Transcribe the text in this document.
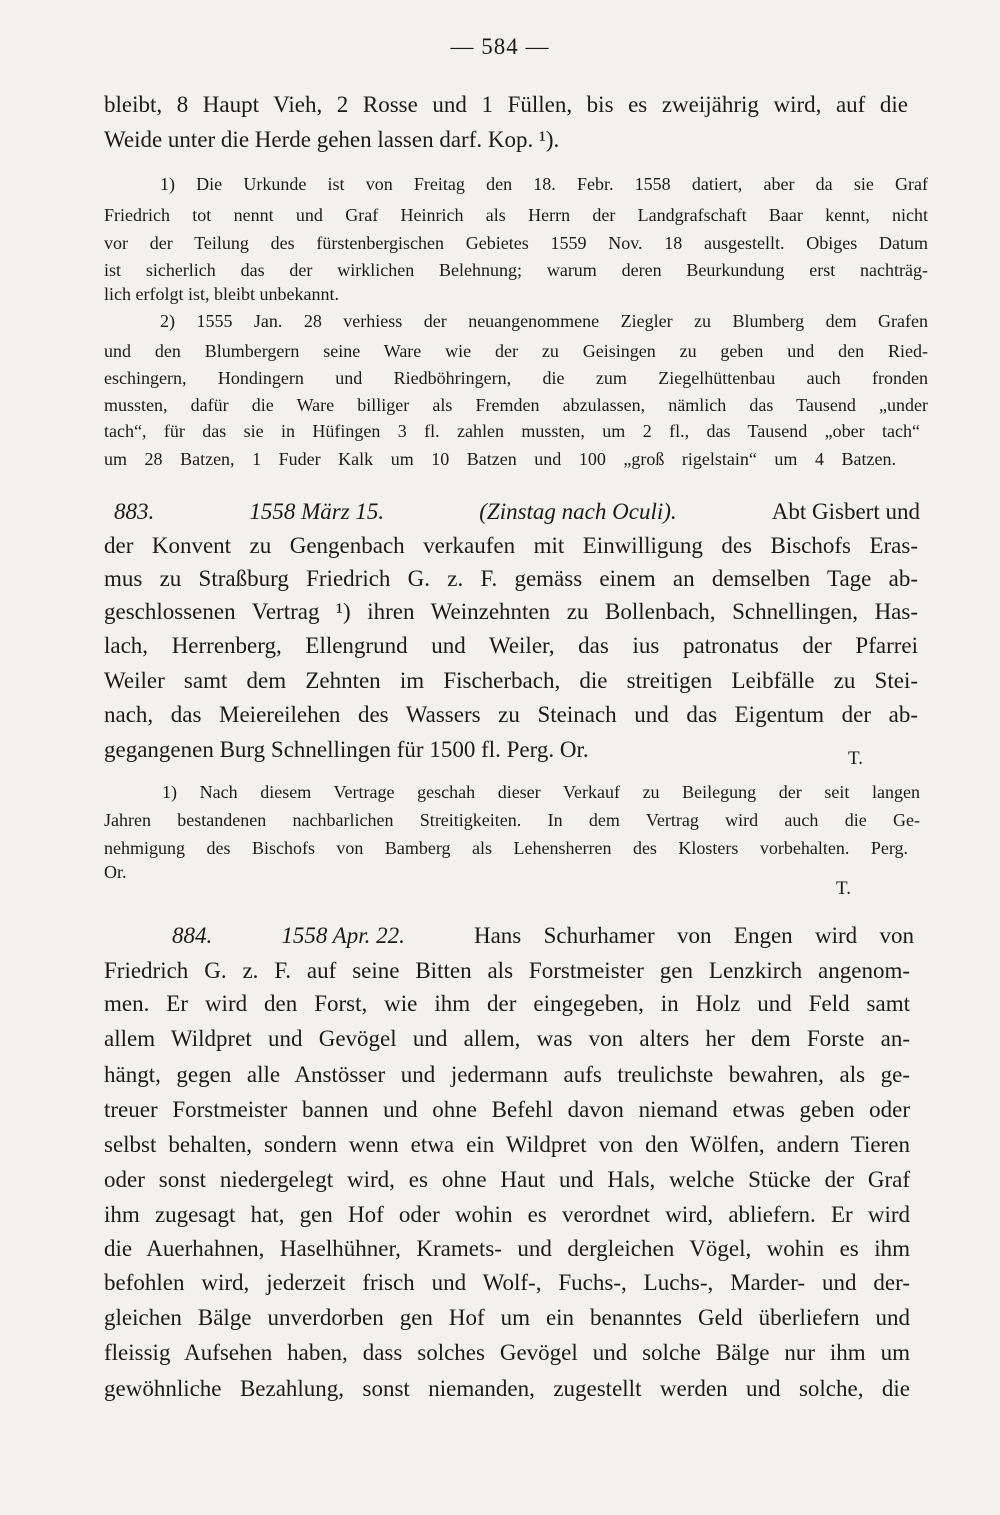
— 584 —
bleibt, 8 Haupt Vieh, 2 Rosse und 1 Füllen, bis es zweijährig wird, auf die
Weide unter die Herde gehen lassen darf. Kop. ¹).
1) Die Urkunde ist von Freitag den 18. Febr. 1558 datiert, aber da sie Graf
Friedrich tot nennt und Graf Heinrich als Herrn der Landgrafschaft Baar kennt, nicht
vor der Teilung des fürstenbergischen Gebietes 1559 Nov. 18 ausgestellt. Obiges Datum
ist sicherlich das der wirklichen Belehnung; warum deren Beurkundung erst nachträg-
lich erfolgt ist, bleibt unbekannt.
2) 1555 Jan. 28 verhiess der neuangenommene Ziegler zu Blumberg dem Grafen
und den Blumbergern seine Ware wie der zu Geisingen zu geben und den Ried-
eschingern, Hondingern und Riedböhringern, die zum Ziegelhüttenbau auch fronden
mussten, dafür die Ware billiger als Fremden abzulassen, nämlich das Tausend „under
tach“, für das sie in Hüfingen 3 fl. zahlen mussten, um 2 fl., das Tausend „ober tach“
um 28 Batzen, 1 Fuder Kalk um 10 Batzen und 100 „groß rigelstain“ um 4 Batzen.
883.	1558 März 15.	(Zinstag nach Oculi).	Abt Gisbert und
der Konvent zu Gengenbach verkaufen mit Einwilligung des Bischofs Eras-
mus zu Straßburg Friedrich G. z. F. gemäss einem an demselben Tage ab-
geschlossenen Vertrag ¹) ihren Weinzehnten zu Bollenbach, Schnellingen, Has-
lach, Herrenberg, Ellengrund und Weiler, das ius patronatus der Pfarrei
Weiler samt dem Zehnten im Fischerbach, die streitigen Leibfälle zu Stei-
nach, das Meiereilehen des Wassers zu Steinach und das Eigentum der ab-
gegangenen Burg Schnellingen für 1500 fl. Perg. Or.	T.
1) Nach diesem Vertrage geschah dieser Verkauf zu Beilegung der seit langen
Jahren bestandenen nachbarlichen Streitigkeiten. In dem Vertrag wird auch die Ge-
nehmigung des Bischofs von Bamberg als Lehensherren des Klosters vorbehalten. Perg.
Or.
T.
884.	1558 Apr. 22.	Hans Schurhamer von Engen wird von
Friedrich G. z. F. auf seine Bitten als Forstmeister gen Lenzkirch angenom-
men. Er wird den Forst, wie ihm der eingegeben, in Holz und Feld samt
allem Wildpret und Gevögel und allem, was von alters her dem Forste an-
hängt, gegen alle Anstösser und jedermann aufs treulichste bewahren, als ge-
treuer Forstmeister bannen und ohne Befehl davon niemand etwas geben oder
selbst behalten, sondern wenn etwa ein Wildpret von den Wölfen, andern Tieren
oder sonst niedergelegt wird, es ohne Haut und Hals, welche Stücke der Graf
ihm zugesagt hat, gen Hof oder wohin es verordnet wird, abliefern. Er wird
die Auerhahnen, Haselhühner, Kramets- und dergleichen Vögel, wohin es ihm
befohlen wird, jederzeit frisch und Wolf-, Fuchs-, Luchs-, Marder- und der-
gleichen Bälge unverdorben gen Hof um ein benanntes Geld überliefern und
fleissig Aufsehen haben, dass solches Gevögel und solche Bälge nur ihm um
gewöhnliche Bezahlung, sonst niemanden, zugestellt werden und solche, die
